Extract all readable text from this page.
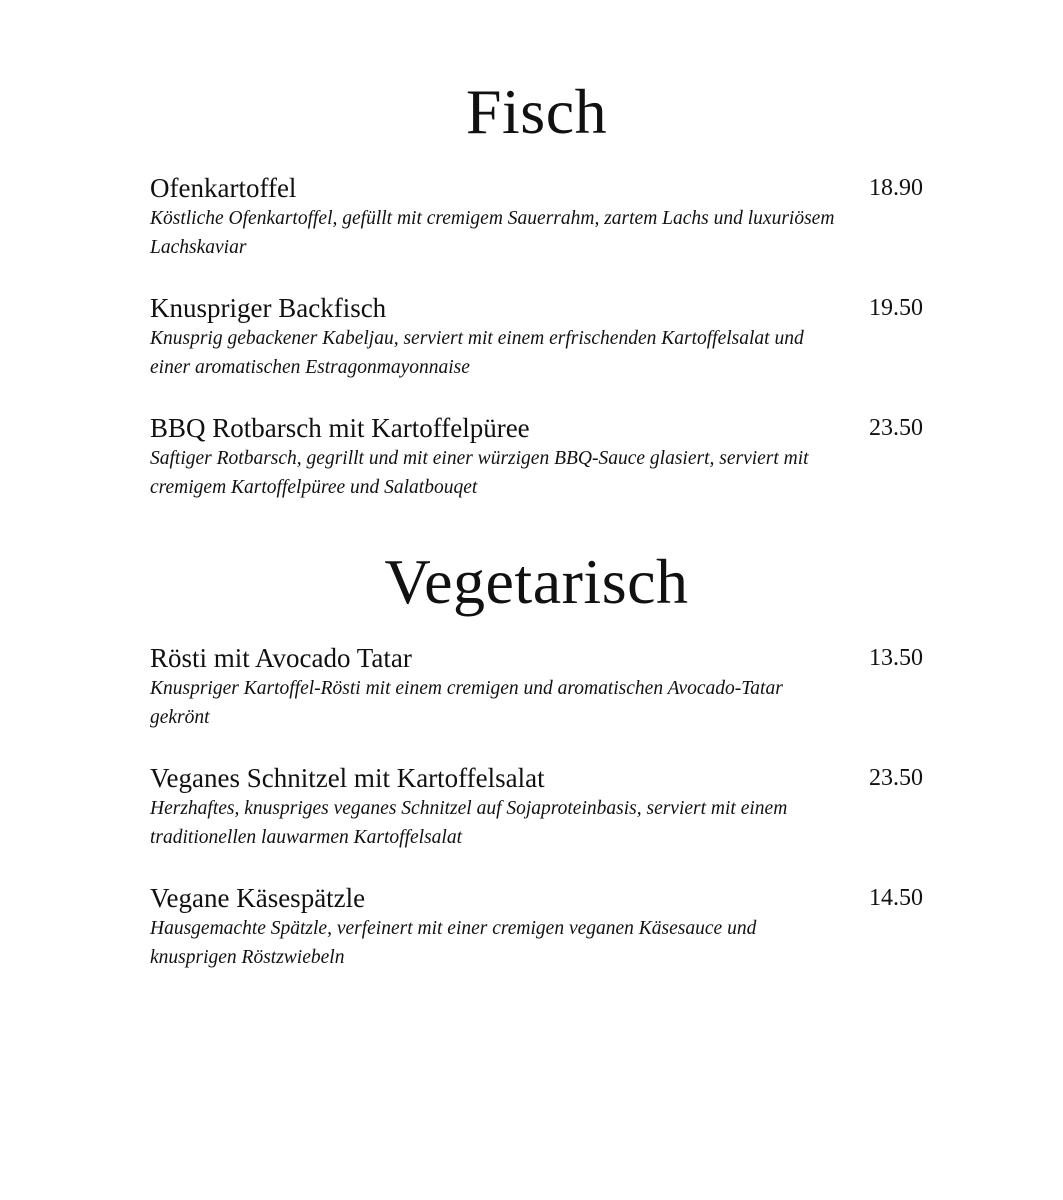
Fisch
Ofenkartoffel	18.90
Köstliche Ofenkartoffel, gefüllt mit cremigem Sauerrahm, zartem Lachs und luxuriösem Lachskaviar
Knuspriger Backfisch	19.50
Knusprig gebackener Kabeljau, serviert mit einem erfrischenden Kartoffelsalat und einer aromatischen Estragonmayonnaise
BBQ Rotbarsch mit Kartoffelpüree	23.50
Saftiger Rotbarsch, gegrillt und mit einer würzigen BBQ-Sauce glasiert, serviert mit cremigem Kartoffelpüree und Salatbouqet
Vegetarisch
Rösti mit Avocado Tatar	13.50
Knuspriger Kartoffel-Rösti mit einem cremigen und aromatischen Avocado-Tatar gekrönt
Veganes Schnitzel mit Kartoffelsalat	23.50
Herzhaftes, knuspriges veganes Schnitzel auf Sojaproteinbasis, serviert mit einem traditionellen lauwarmen Kartoffelsalat
Vegane Käsespätzle	14.50
Hausgemachte Spätzle, verfeinert mit einer cremigen veganen Käsesauce und knusprigen Röstzwiebeln
